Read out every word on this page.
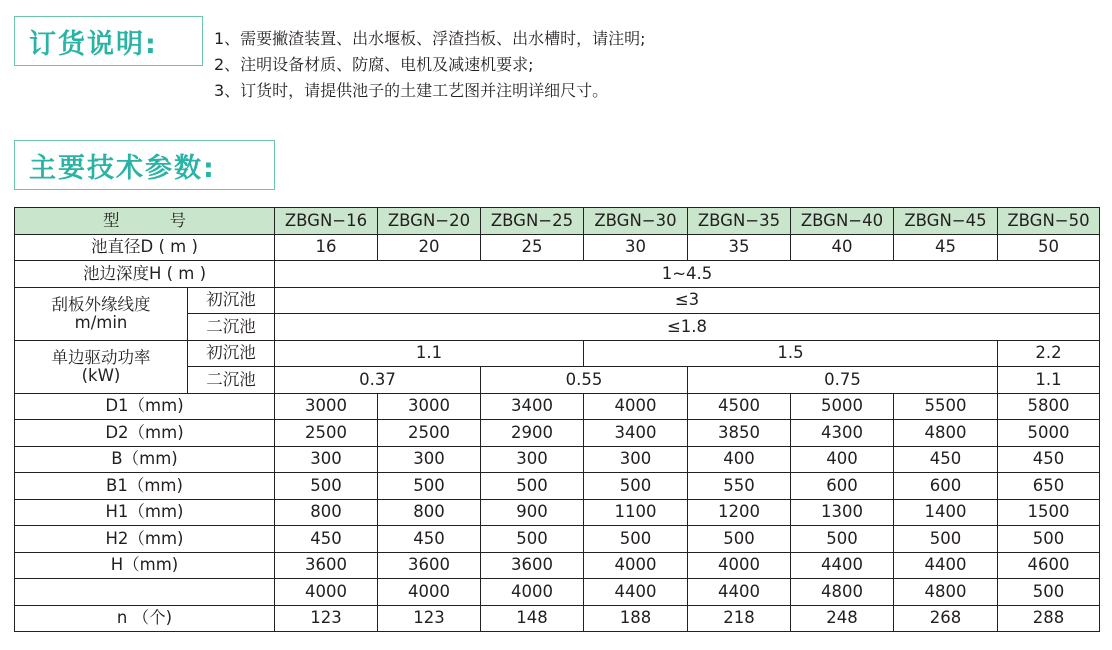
订货说明:	1、需要撇渣装置、出水堰板、浮渣挡板、出水槽时，请注明;
2、注明设备材质、防腐、电机及减速机要求;
3、订货时，请提供池子的土建工艺图并注明详细尺寸。
主要技术参数:
型号		ZBGN−16	ZBGN−20	ZBGN−25	ZBGN−30	ZBGN−35	ZBGN−40	ZBGN−45	ZBGN−50
池直径D ( m )		16	20	25	30	35	40	45	50
池边深度H ( m )		1~4.5							
刮板外缘线度
m/min	初沉池	≤3							
	二沉池	≤1.8							
单边驱动功率
(kW)	初沉池	1.1			1.5				2.2
	二沉池	0.37		0.55		0.75			1.1
D1（mm)		3000	3000	3400	4000	4500	5000	5500	5800
D2（mm)		2500	2500	2900	3400	3850	4300	4800	5000
B（mm)		300	300	300	300	400	400	450	450
B1（mm)		500	500	500	500	550	600	600	650
H1（mm)		800	800	900	1100	1200	1300	1400	1500
H2（mm)		450	450	500	500	500	500	500	500
H（mm)		3600	3600	3600	4000	4000	4400	4400	4600
		4000	4000	4000	4400	4400	4800	4800	500
n （个)		123	123	148	188	218	248	268	288
